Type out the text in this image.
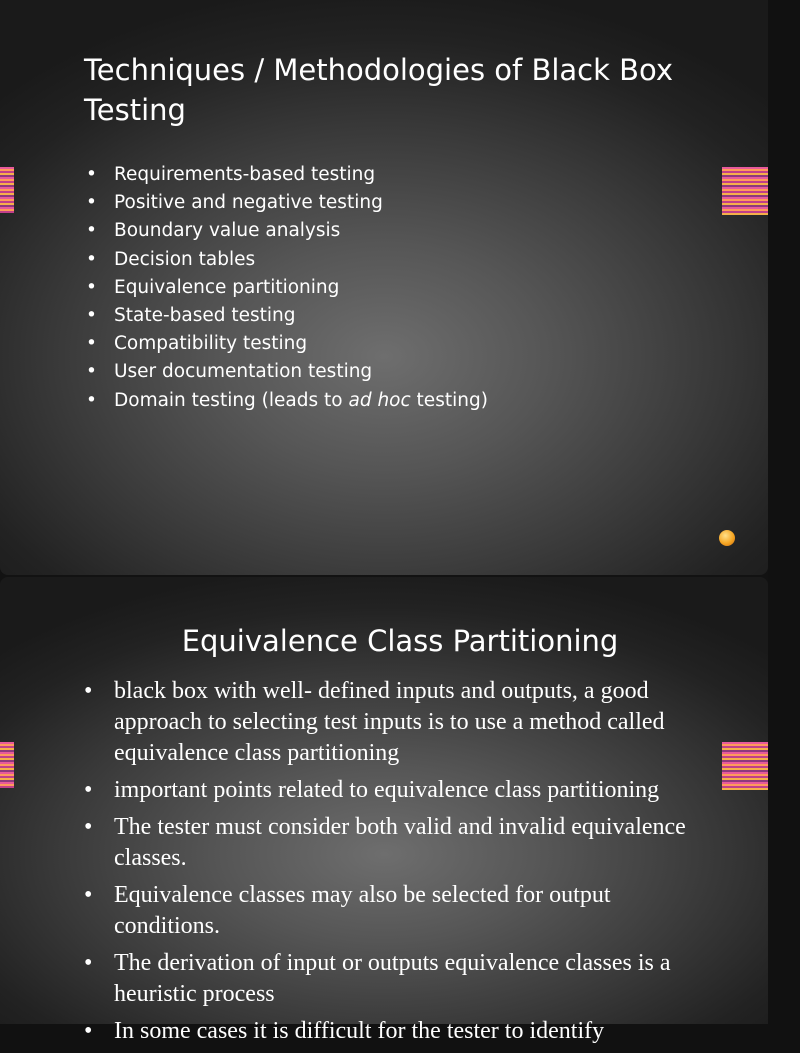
Techniques / Methodologies of Black Box Testing
• Requirements-based testing
• Positive and negative testing
• Boundary value analysis
• Decision tables
• Equivalence partitioning
• State-based testing
• Compatibility testing
• User documentation testing
• Domain testing (leads to ad hoc testing)
Equivalence Class Partitioning
• black box with well- defined inputs and outputs, a good approach to selecting test inputs is to use a method called equivalence class partitioning
• important points related to equivalence class partitioning
• The tester must consider both valid and invalid equivalence classes.
• Equivalence classes may also be selected for output conditions.
• The derivation of input or outputs equivalence classes is a heuristic process
• In some cases it is difficult for the tester to identify
